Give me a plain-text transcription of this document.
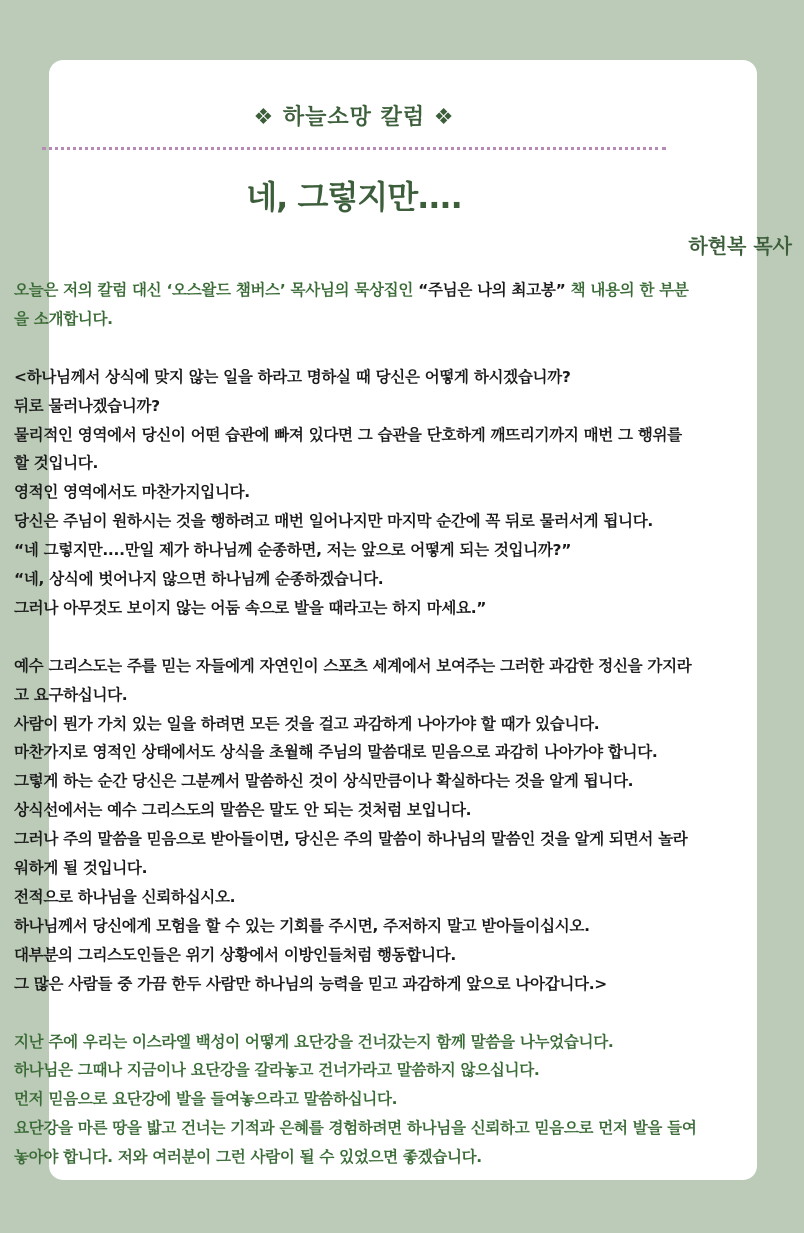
❖ 하늘소망 칼럼 ❖
네, 그렇지만....
하현복 목사
오늘은 저의 칼럼 대신 ‘오스왈드 챔버스’ 목사님의 묵상집인 “주님은 나의 최고봉” 책 내용의 한 부분을 소개합니다.
<하나님께서 상식에 맞지 않는 일을 하라고 명하실 때 당신은 어떻게 하시겠습니까?
뒤로 물러나겠습니까?
물리적인 영역에서 당신이 어떤 습관에 빠져 있다면 그 습관을 단호하게 깨뜨리기까지 매번 그 행위를 할 것입니다.
영적인 영역에서도 마찬가지입니다.
당신은 주님이 원하시는 것을 행하려고 매번 일어나지만 마지막 순간에 꼭 뒤로 물러서게 됩니다.
“네 그렇지만....만일 제가 하나님께 순종하면, 저는 앞으로 어떻게 되는 것입니까?”
“네, 상식에 벗어나지 않으면 하나님께 순종하겠습니다.
그러나 아무것도 보이지 않는 어둠 속으로 발을 때라고는 하지 마세요.”
예수 그리스도는 주를 믿는 자들에게 자연인이 스포츠 세계에서 보여주는 그러한 과감한 정신을 가지라고 요구하십니다.
사람이 뭔가 가치 있는 일을 하려면 모든 것을 걸고 과감하게 나아가야 할 때가 있습니다.
마찬가지로 영적인 상태에서도 상식을 초월해 주님의 말씀대로 믿음으로 과감히 나아가야 합니다.
그렇게 하는 순간 당신은 그분께서 말씀하신 것이 상식만큼이나 확실하다는 것을 알게 됩니다.
상식선에서는 예수 그리스도의 말씀은 말도 안 되는 것처럼 보입니다.
그러나 주의 말씀을 믿음으로 받아들이면, 당신은 주의 말씀이 하나님의 말씀인 것을 알게 되면서 놀라워하게 될 것입니다.
전적으로 하나님을 신뢰하십시오.
하나님께서 당신에게 모험을 할 수 있는 기회를 주시면, 주저하지 말고 받아들이십시오.
대부분의 그리스도인들은 위기 상황에서 이방인들처럼 행동합니다.
그 많은 사람들 중 가끔 한두 사람만 하나님의 능력을 믿고 과감하게 앞으로 나아갑니다.>
지난 주에 우리는 이스라엘 백성이 어떻게 요단강을 건너갔는지 함께 말씀을 나누었습니다.
하나님은 그때나 지금이나 요단강을 갈라놓고 건너가라고 말씀하지 않으십니다.
먼저 믿음으로 요단강에 발을 들여놓으라고 말씀하십니다.
요단강을 마른 땅을 밟고 건너는 기적과 은혜를 경험하려면 하나님을 신뢰하고 믿음으로 먼저 발을 들여놓아야 합니다. 저와 여러분이 그런 사람이 될 수 있었으면 좋겠습니다.
